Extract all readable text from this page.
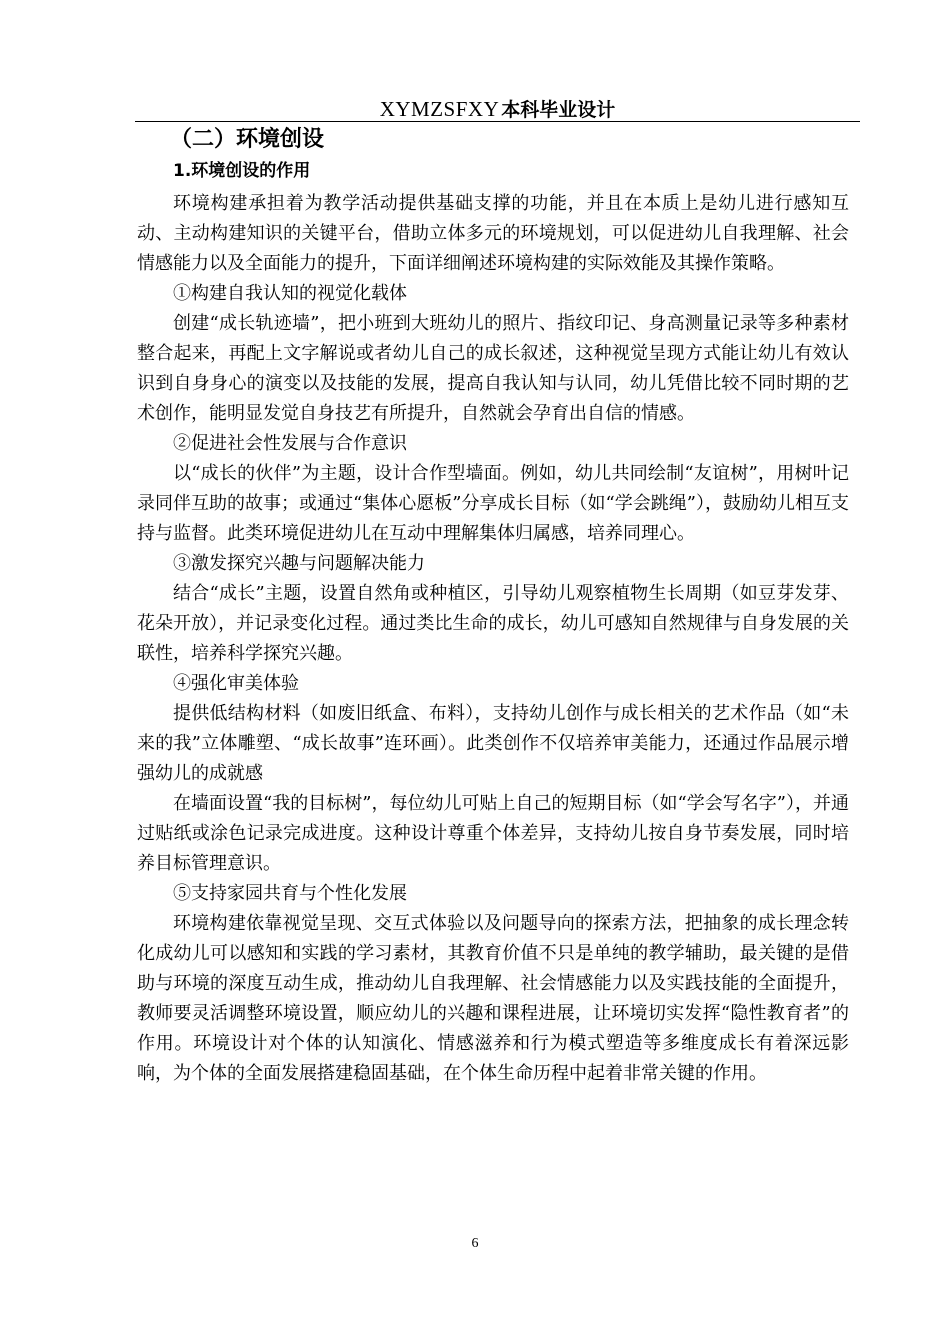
XYMZSFXY 本科毕业设计
（二）环境创设
1.环境创设的作用

环境构建承担着为教学活动提供基础支撑的功能，并且在本质上是幼儿进行感知互动、主动构建知识的关键平台，借助立体多元的环境规划，可以促进幼儿自我理解、社会情感能力以及全面能力的提升，下面详细阐述环境构建的实际效能及其操作策略。

①构建自我认知的视觉化载体

创建“成长轨迹墙”，把小班到大班幼儿的照片、指纹印记、身高测量记录等多种素材整合起来，再配上文字解说或者幼儿自己的成长叙述，这种视觉呈现方式能让幼儿有效认识到自身身心的演变以及技能的发展，提高自我认知与认同，幼儿凭借比较不同时期的艺术创作，能明显发觉自身技艺有所提升，自然就会孕育出自信的情感。

②促进社会性发展与合作意识

以“成长的伙伴”为主题，设计合作型墙面。例如，幼儿共同绘制“友谊树”，用树叶记录同伴互助的故事；或通过“集体心愿板”分享成长目标（如“学会跳绳”），鼓励幼儿相互支持与监督。此类环境促进幼儿在互动中理解集体归属感，培养同理心。

③激发探究兴趣与问题解决能力

结合“成长”主题，设置自然角或种植区，引导幼儿观察植物生长周期（如豆芽发芽、花朵开放），并记录变化过程。通过类比生命的成长，幼儿可感知自然规律与自身发展的关联性，培养科学探究兴趣。

④强化审美体验

提供低结构材料（如废旧纸盒、布料），支持幼儿创作与成长相关的艺术作品（如“未来的我”立体雕塑、“成长故事”连环画）。此类创作不仅培养审美能力，还通过作品展示增强幼儿的成就感

在墙面设置“我的目标树”，每位幼儿可贴上自己的短期目标（如“学会写名字”），并通过贴纸或涂色记录完成进度。这种设计尊重个体差异，支持幼儿按自身节奏发展，同时培养目标管理意识。

⑤支持家园共育与个性化发展

环境构建依靠视觉呈现、交互式体验以及问题导向的探索方法，把抽象的成长理念转化成幼儿可以感知和实践的学习素材，其教育价值不只是单纯的教学辅助，最关键的是借助与环境的深度互动生成，推动幼儿自我理解、社会情感能力以及实践技能的全面提升，教师要灵活调整环境设置，顺应幼儿的兴趣和课程进展，让环境切实发挥“隐性教育者”的作用。环境设计对个体的认知演化、情感滋养和行为模式塑造等多维度成长有着深远影响，为个体的全面发展搭建稳固基础，在个体生命历程中起着非常关键的作用。

6
